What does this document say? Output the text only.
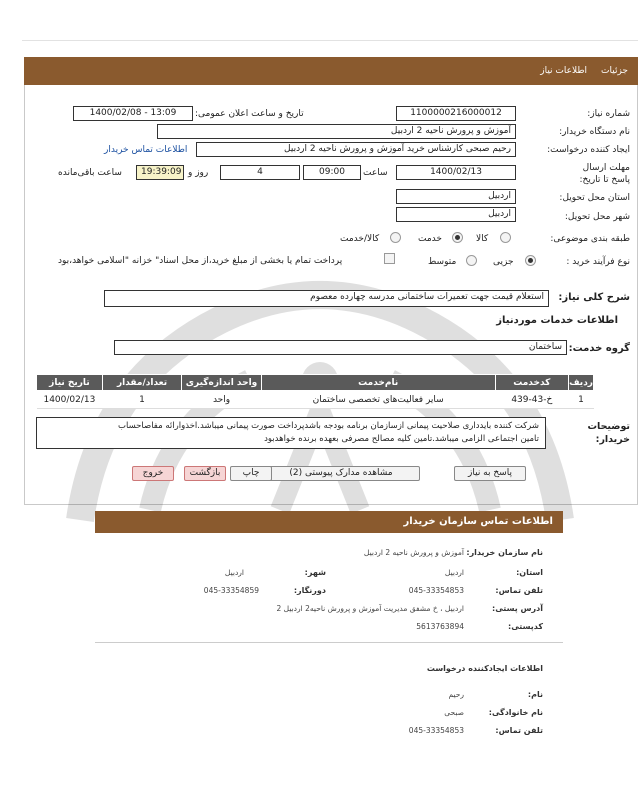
جزئیات
اطلاعات نیاز
شماره نیاز:
1100000216000012
تاریخ و ساعت اعلان عمومی:
1400/02/08 - 13:09
نام دستگاه خریدار:
آموزش و پرورش ناحیه 2 اردبیل
ایجاد کننده درخواست:
رحیم صبحی کارشناس خرید آموزش و پرورش ناحیه 2 اردبیل
اطلاعات تماس خریدار
مهلت ارسال پاسخ تا تاریخ:
1400/02/13
ساعت
09:00
4
روز و
19:39:09
ساعت باقی‌مانده
استان محل تحویل:
اردبیل
شهر محل تحویل:
اردبیل
طبقه بندی موضوعی:
کالا
خدمت
کالا/خدمت
نوع فرآیند خرید :
جزیی
متوسط
پرداخت تمام یا بخشی از مبلغ خرید،از محل اسناد" خزانه "اسلامی خواهد،بود
شرح کلی نیاز:
استعلام قیمت جهت تعمیرات ساختمانی مدرسه چهارده معصوم
اطلاعات خدمات موردنیاز
گروه خدمت:
ساختمان
ردیف	کدخدمت	نام‌خدمت	واحد اندازه‌گیری	تعداد/مقدار	تاریخ نیاز
1	خ-43-439	سایر فعالیت‌های تخصصی ساختمان	واحد	1	1400/02/13
توضیحات خریدار:
شرکت کننده بایدداری صلاحیت پیمانی ازسازمان برنامه بودجه باشدپرداخت صورت پیمانی میباشد.اخذوارائه مفاصاحساب
تامین اجتماعی الزامی میباشد.تامین کلیه مصالح مصرفی بعهده برنده خواهدبود
پاسخ به نیاز
مشاهده مدارک پیوستی (2)
چاپ
بازگشت
خروج
اطلاعات تماس سازمان خریدار
نام سازمان خریدار:
آموزش و پرورش ناحیه 2 اردبیل
استان:
اردبیل
شهر:
اردبیل
تلفن تماس:
045-33354853
دورنگار:
045-33354859
آدرس پستی:
اردبیل ، خ مشفق مدیریت آموزش و پرورش ناحیه2 اردبیل 2
کدپستی:
5613763894
اطلاعات ایجادکننده درخواست
نام:
رحیم
نام خانوادگی:
صبحی
تلفن تماس:
045-33354853
